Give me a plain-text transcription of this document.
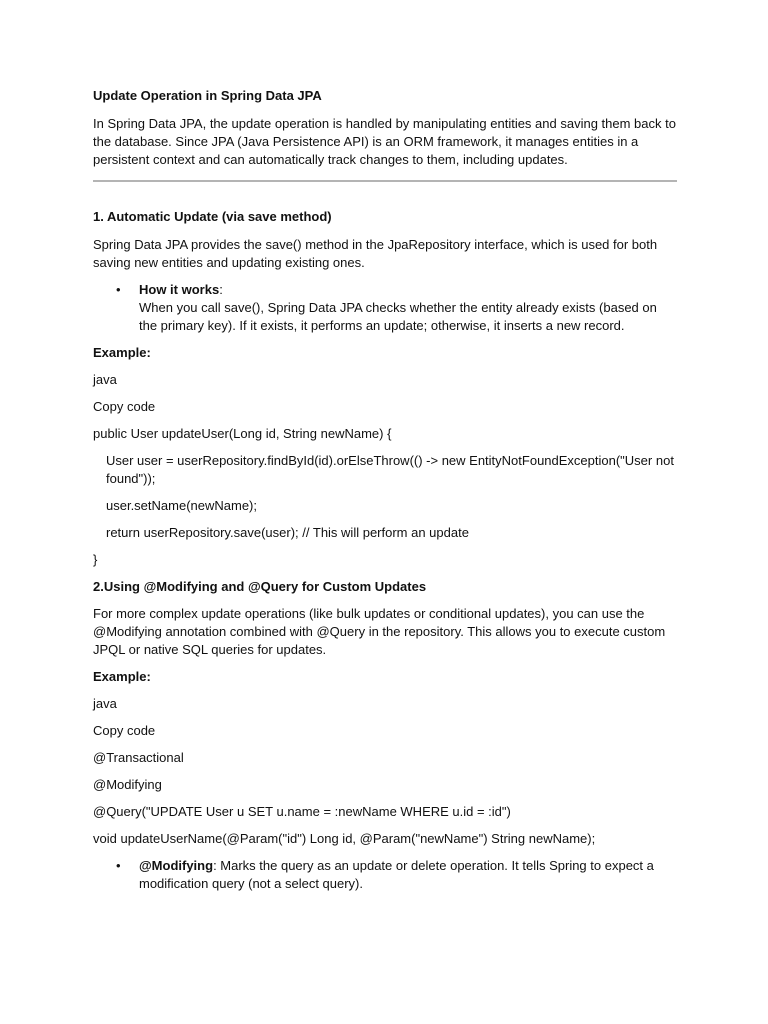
Update Operation in Spring Data JPA

In Spring Data JPA, the update operation is handled by manipulating entities and saving them back to the database. Since JPA (Java Persistence API) is an ORM framework, it manages entities in a persistent context and can automatically track changes to them, including updates.

1. Automatic Update (via save method)

Spring Data JPA provides the save() method in the JpaRepository interface, which is used for both saving new entities and updating existing ones.

• How it works:
When you call save(), Spring Data JPA checks whether the entity already exists (based on the primary key). If it exists, it performs an update; otherwise, it inserts a new record.

Example:

java

Copy code

public User updateUser(Long id, String newName) {

User user = userRepository.findById(id).orElseThrow(() -> new EntityNotFoundException("User not found"));

user.setName(newName);

return userRepository.save(user); // This will perform an update

}

2.Using @Modifying and @Query for Custom Updates

For more complex update operations (like bulk updates or conditional updates), you can use the @Modifying annotation combined with @Query in the repository. This allows you to execute custom JPQL or native SQL queries for updates.

Example:

java

Copy code

@Transactional

@Modifying

@Query("UPDATE User u SET u.name = :newName WHERE u.id = :id")

void updateUserName(@Param("id") Long id, @Param("newName") String newName);

• @Modifying: Marks the query as an update or delete operation. It tells Spring to expect a modification query (not a select query).
